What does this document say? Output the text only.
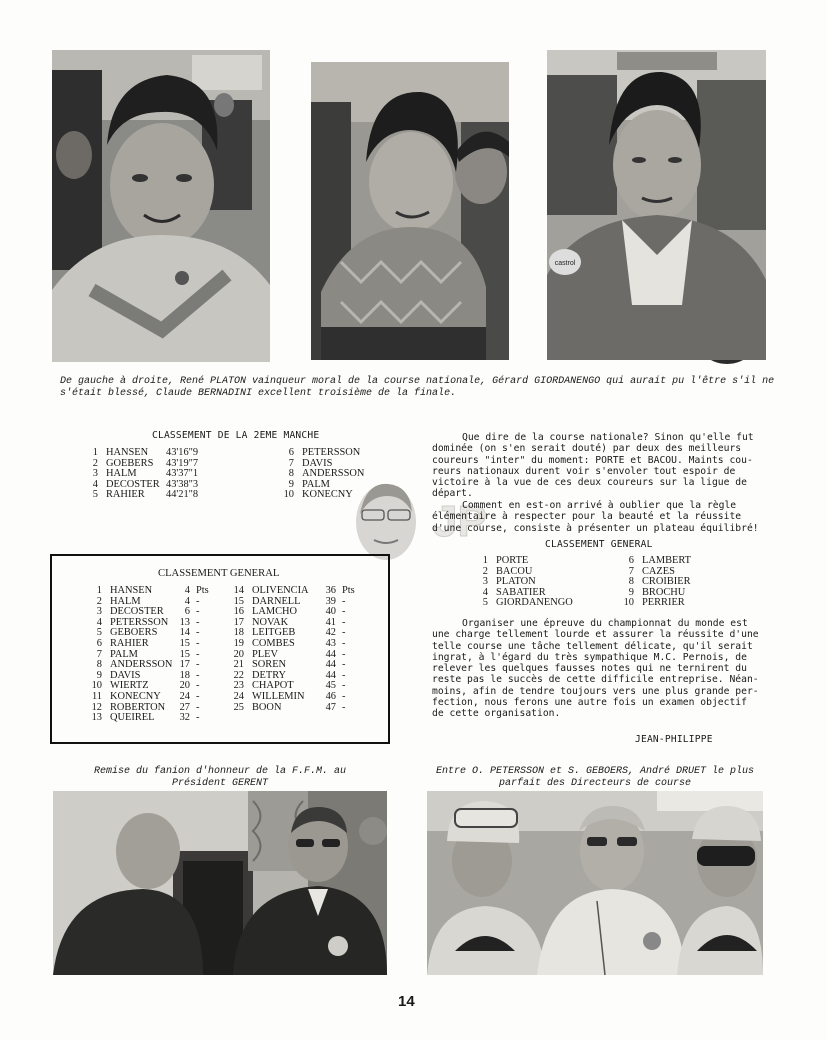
castrol
De gauche à droite, René PLATON vainqueur moral de la course nationale, Gérard GIORDANENGO qui aurait pu l'être s'il ne
s'était blessé, Claude BERNADINI excellent troisième de la finale.
CLASSEMENT DE LA 2EME MANCHE
1	HANSEN	43'16"9
2	GOEBERS	43'19"7
3	HALM	43'37"1
4	DECOSTER	43'38"3
5	RAHIER	44'21"8
6	PETERSSON
7	DAVIS
8	ANDERSSON
9	PALM
10	KONECNY
JP
CLASSEMENT GENERAL
1	HANSEN	4	Pts
2	HALM	4	-
3	DECOSTER	6	-
4	PETERSSON	13	-
5	GEBOERS	14	-
6	RAHIER	15	-
7	PALM	15	-
8	ANDERSSON	17	-
9	DAVIS	18	-
10	WIERTZ	20	-
11	KONECNY	24	-
12	ROBERTON	27	-
13	QUEIREL	32	-
14	OLIVENCIA	36	Pts
15	DARNELL	39	-
16	LAMCHO	40	-
17	NOVAK	41	-
18	LEITGEB	42	-
19	COMBES	43	-
20	PLEV	44	-
21	SOREN	44	-
22	DETRY	44	-
23	CHAPOT	45	-
24	WILLEMIN	46	-
25	BOON	47	-
Que dire de la course nationale? Sinon qu'elle fut
dominée (on s'en serait douté) par deux des meilleurs
coureurs "inter" du moment: PORTE et BACOU. Maints cou-
reurs nationaux durent voir s'envoler tout espoir de
victoire à la vue de ces deux coureurs sur la ligue de
départ.
Comment en est-on arrivé à oublier que la règle
élémentaire à respecter pour la beauté et la réussite
d'une course, consiste à présenter un plateau équilibré!
CLASSEMENT GENERAL
1	PORTE
2	BACOU
3	PLATON
4	SABATIER
5	GIORDANENGO
6	LAMBERT
7	CAZES
8	CROIBIER
9	BROCHU
10	PERRIER
Organiser une épreuve du championnat du monde est
une charge tellement lourde et assurer la réussite d'une
telle course une tâche tellement délicate, qu'il serait
ingrat, à l'égard du très sympathique M.C. Pernois, de
relever les quelques fausses notes qui ne ternirent du
reste pas le succès de cette difficile entreprise. Néan-
moins, afin de tendre toujours vers une plus grande per-
fection, nous ferons une autre fois un examen objectif
de cette organisation.
JEAN-PHILIPPE
Remise du fanion d'honneur de la F.F.M. au
Président GERENT
Entre O. PETERSSON et S. GEBOERS, André DRUET le plus
parfait des Directeurs de course
14
